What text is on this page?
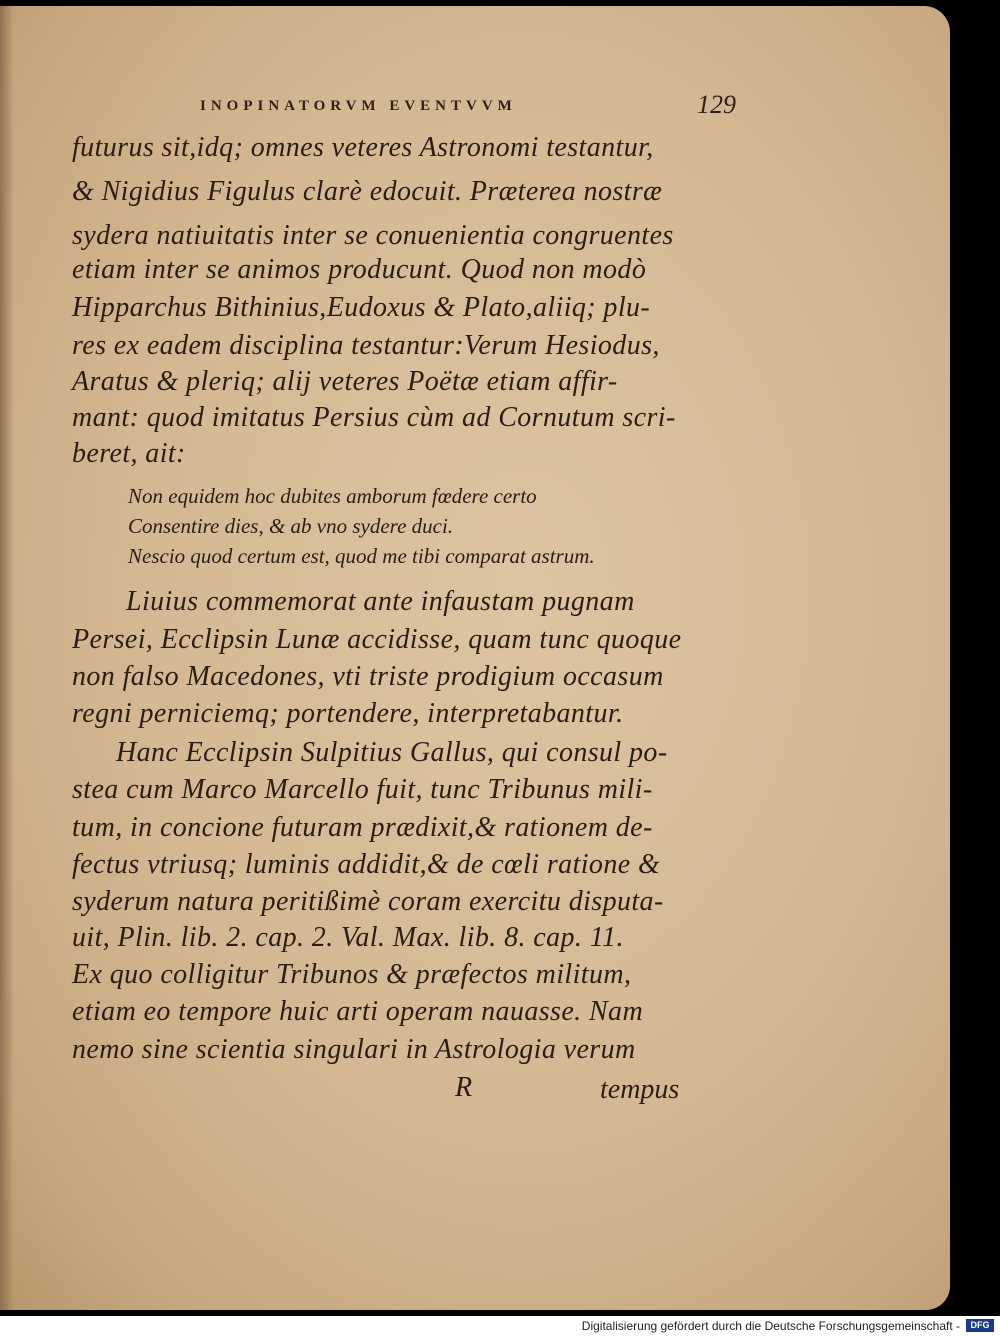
INOPINATORVM EVENTVVM	129
futurus sit,idq; omnes veteres Astronomi testantur,
& Nigidius Figulus clarè edocuit. Præterea nostræ
sydera natiuitatis inter se conuenientia congruentes
etiam inter se animos producunt. Quod non modò
Hipparchus Bithinius,Eudoxus & Plato,aliiq; plu-
res ex eadem disciplina testantur:Verum Hesiodus,
Aratus & pleriq; alij veteres Poëtæ etiam affir-
mant: quod imitatus Persius cùm ad Cornutum scri-
beret, ait:
Non equidem hoc dubites amborum fœdere certo
Consentire dies, & ab vno sydere duci.
Nescio quod certum est, quod me tibi comparat astrum.
Liuius commemorat ante infaustam pugnam
Persei, Ecclipsin Lunæ accidisse, quam tunc quoque
non falso Macedones, vti triste prodigium occasum
regni perniciemq; portendere, interpretabantur.
Hanc Ecclipsin Sulpitius Gallus, qui consul po-
stea cum Marco Marcello fuit, tunc Tribunus mili-
tum, in concione futuram prædixit,& rationem de-
fectus vtriusq; luminis addidit,& de cœli ratione &
syderum natura peritißimè coram exercitu disputa-
uit, Plin. lib. 2. cap. 2. Val. Max. lib. 8. cap. 11.
Ex quo colligitur Tribunos & præfectos militum,
etiam eo tempore huic arti operam nauasse. Nam
nemo sine scientia singulari in Astrologia verum
R	tempus
Digitalisierung gefördert durch die Deutsche Forschungsgemeinschaft -	DFG
